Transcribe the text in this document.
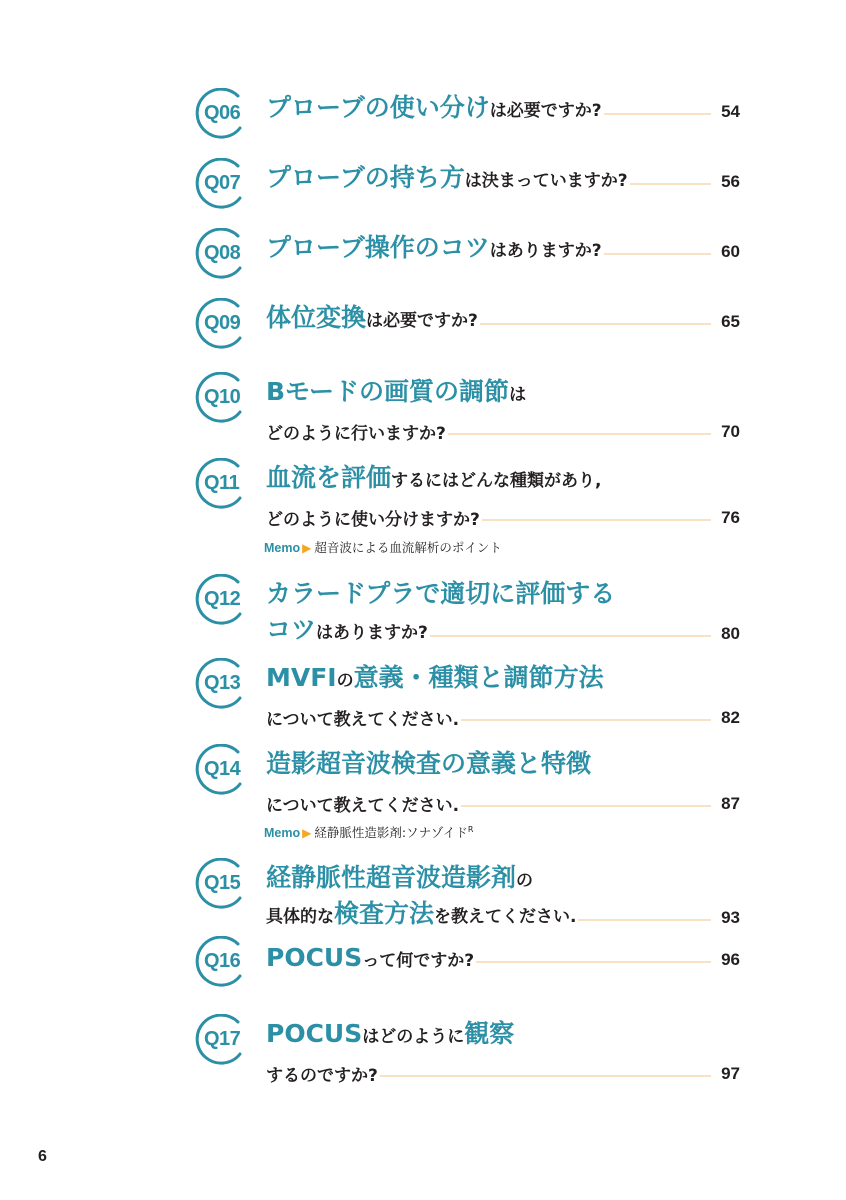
Q06 プローブの使い分けは必要ですか?	54
Q07 プローブの持ち方は決まっていますか?	56
Q08 プローブ操作のコツはありますか?	60
Q09 体位変換は必要ですか?	65
Q10 Bモードの画質の調節は
どのように行いますか?	70
Q11 血流を評価するにはどんな種類があり,
どのように使い分けますか?	76
Q12 カラードプラで適切に評価する
コツはありますか?	80
Q13 MVFIの意義・種類と調節方法
について教えてください.	82
Q14 造影超音波検査の意義と特徴
について教えてください.	87
Q15 経静脈性超音波造影剤の
具体的な検査方法を教えてください.	93
Q16 POCUSって何ですか?	96
Q17 POCUSはどのように観察
するのですか?	97
Memo ▶ 超音波による血流解析のポイント
Memo ▶ 経静脈性造影剤:ソナゾイド$^R$
6
